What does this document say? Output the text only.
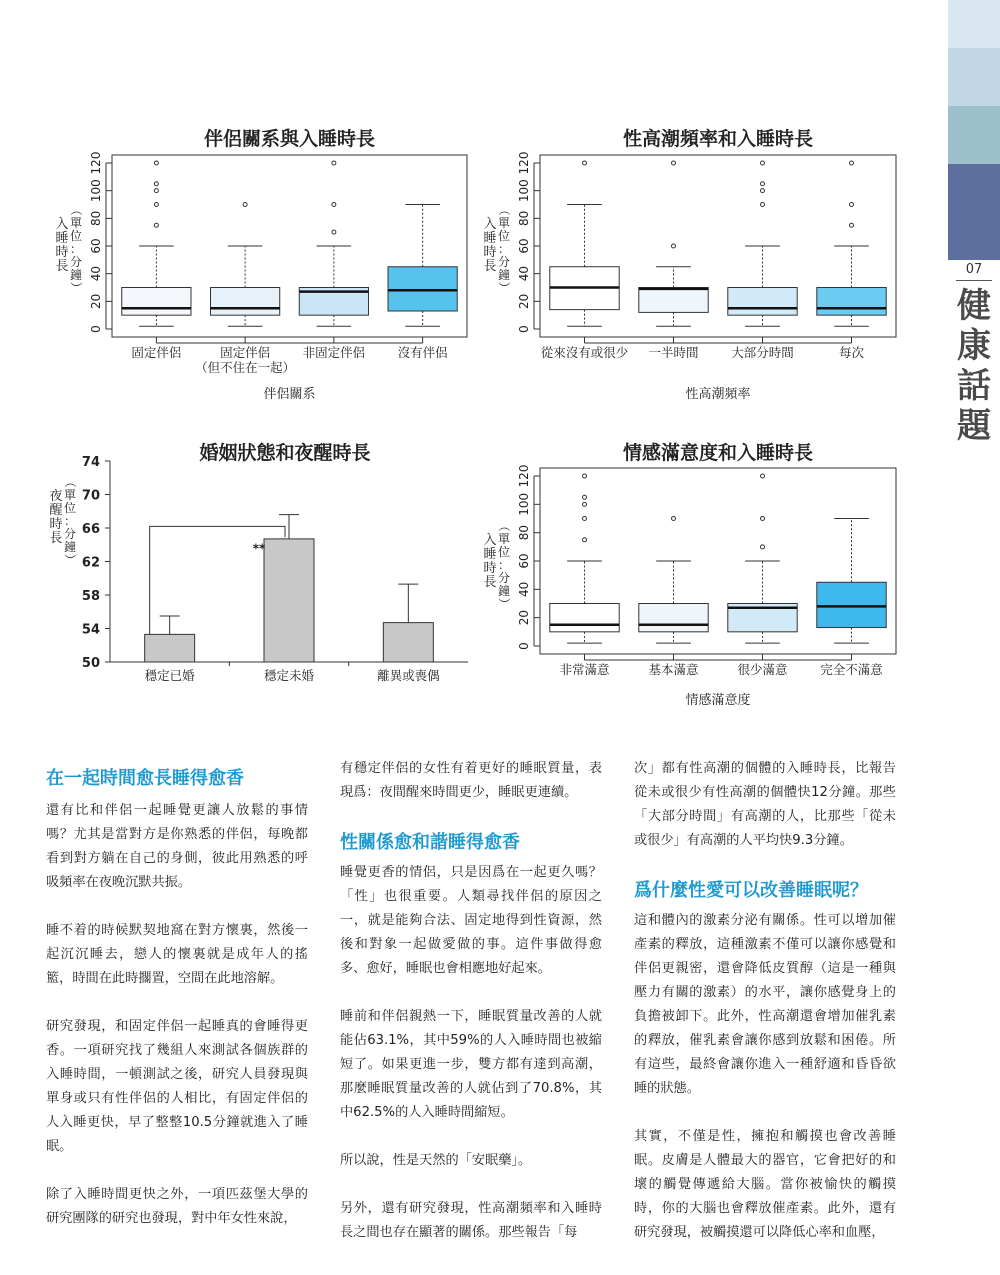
07
健
康
話
題
伴侶關系與入睡時長
0
20
40
60
80
100
120
（
單
位
：
分
鐘
）
入
睡
時
長
固定伴侶	固定伴侶
（但不住在一起）
非固定伴侶	沒有伴侶
伴侶關系
性高潮頻率和入睡時長
0
20
40
60
80
100
120
（
單
位
：
分
鐘
）
入
睡
時
長
從來沒有或很少 一半時間	大部分時間	每次
性高潮頻率
婚姻狀態和夜醒時長
50
54
58
62
66
70
74
（
單
位
：
分
鐘
）
夜
醒
時
長
穩定已婚	穩定未婚	離異或喪偶
**
情感滿意度和入睡時長
0
20
40
60
80
100
120
（
單
位
：
分
鐘
）
入
睡
時
長
非常滿意	基本滿意	很少滿意	完全不滿意
情感滿意度
在一起時間愈長睡得愈香

還有比和伴侶一起睡覺更讓人放鬆的事情嗎？尤其是當對方是你熟悉的伴侶，每晚都看到對方躺在自己的身側，彼此用熟悉的呼吸頻率在夜晚沉默共振。

睡不着的時候默契地窩在對方懷裏，然後一起沉沉睡去，戀人的懷裏就是成年人的搖籃，時間在此時擱置，空間在此地溶解。

研究發現，和固定伴侶一起睡真的會睡得更香。一項研究找了幾組人來測試各個族群的入睡時間，一頓測試之後，研究人員發現與單身或只有性伴侶的人相比，有固定伴侶的人入睡更快，早了整整10.5分鐘就進入了睡眠。

除了入睡時間更快之外，一項匹茲堡大學的研究團隊的研究也發現，對中年女性來說，

有穩定伴侶的女性有着更好的睡眠質量，表現爲：夜間醒來時間更少，睡眠更連續。

性關係愈和諧睡得愈香

睡覺更香的情侶，只是因爲在一起更久嗎？「性」也很重要。人類尋找伴侶的原因之一，就是能夠合法、固定地得到性資源，然後和對象一起做愛做的事。這件事做得愈多、愈好，睡眠也會相應地好起來。

睡前和伴侶親熱一下，睡眠質量改善的人就能佔63.1%，其中59%的人入睡時間也被縮短了。如果更進一步，雙方都有達到高潮，那麼睡眠質量改善的人就佔到了70.8%，其中62.5%的人入睡時間縮短。

所以說，性是天然的「安眠藥」。

另外，還有研究發現，性高潮頻率和入睡時長之間也存在顯著的關係。那些報告「每

次」都有性高潮的個體的入睡時長，比報告從未或很少有性高潮的個體快12分鐘。那些「大部分時間」有高潮的人，比那些「從未或很少」有高潮的人平均快9.3分鐘。

爲什麼性愛可以改善睡眠呢？

這和體內的激素分泌有關係。性可以增加催產素的釋放，這種激素不僅可以讓你感覺和伴侶更親密，還會降低皮質醇（這是一種與壓力有關的激素）的水平，讓你感覺身上的負擔被卸下。此外，性高潮還會增加催乳素的釋放，催乳素會讓你感到放鬆和困倦。所有這些，最終會讓你進入一種舒適和昏昏欲睡的狀態。

其實，不僅是性，擁抱和觸摸也會改善睡眠。皮膚是人體最大的器官，它會把好的和壞的觸覺傳遞給大腦。當你被愉快的觸摸時，你的大腦也會釋放催產素。此外，還有研究發現，被觸摸還可以降低心率和血壓，
